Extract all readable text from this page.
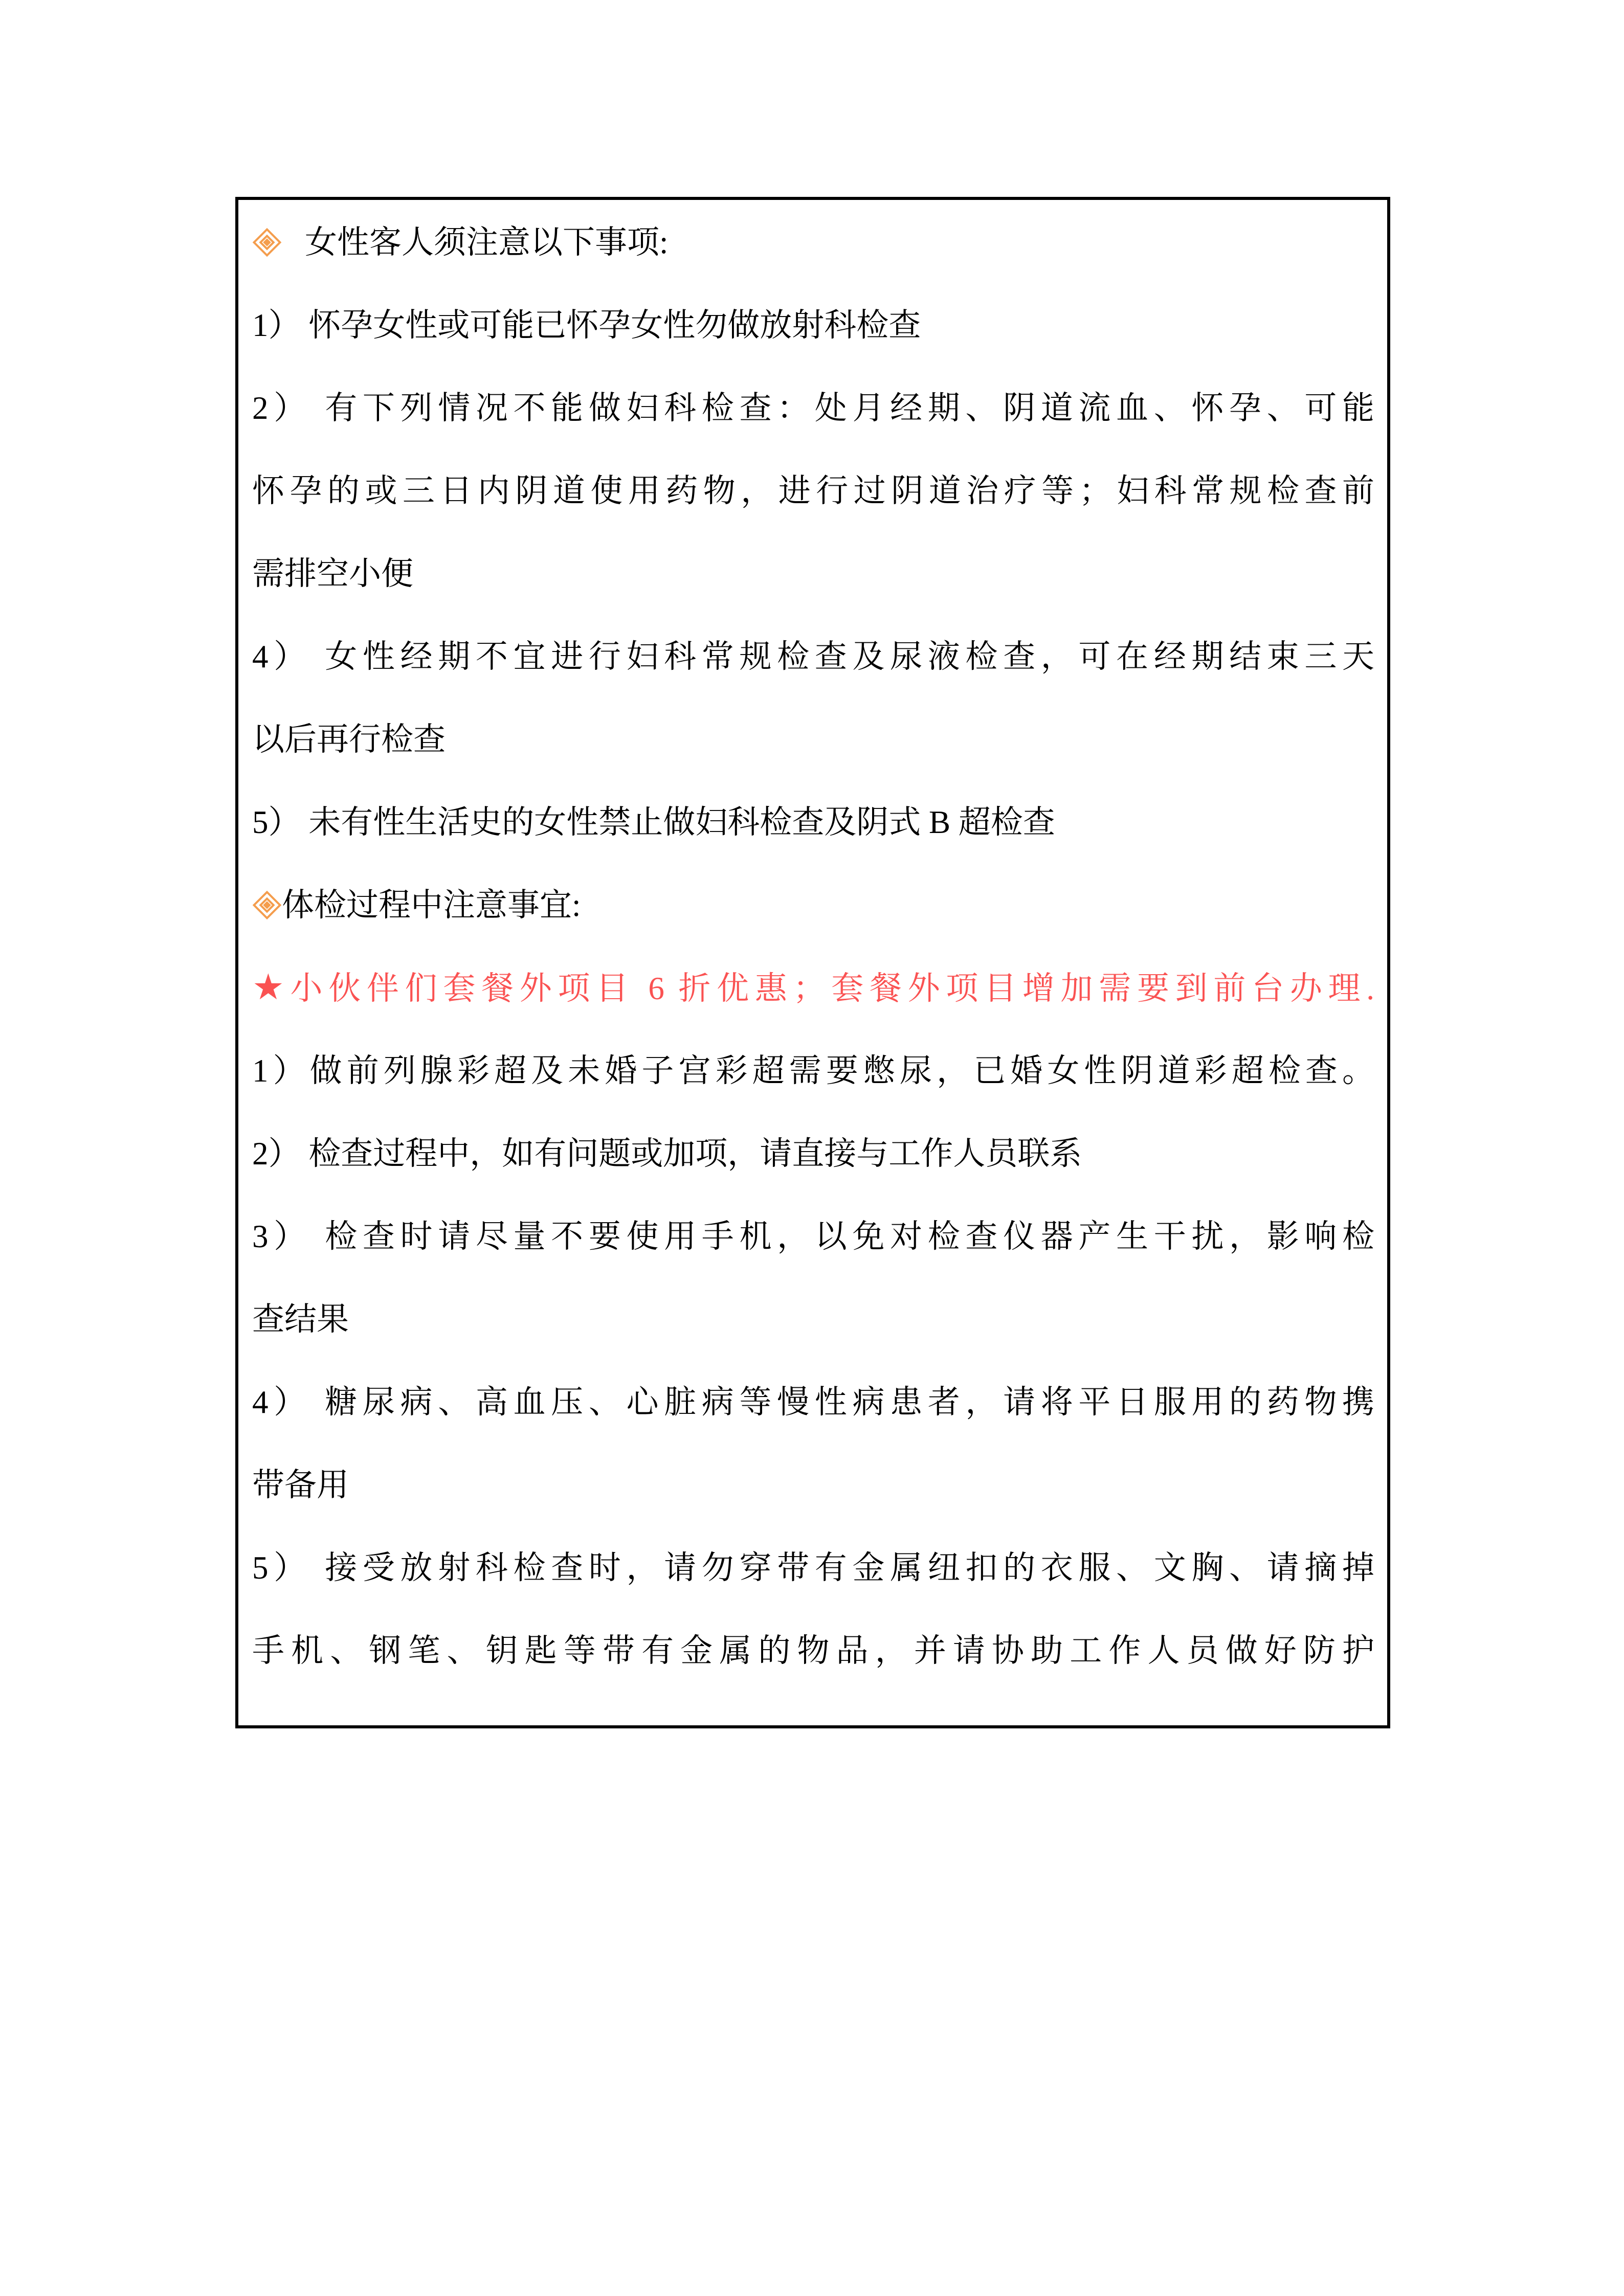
女性客人须注意以下事项:
1） 怀孕女性或可能已怀孕女性勿做放射科检查
2） 有下列情况不能做妇科检查：处月经期、阴道流血、怀孕、可能
怀孕的或三日内阴道使用药物，进行过阴道治疗等；妇科常规检查前
需排空小便
4） 女性经期不宜进行妇科常规检查及尿液检查，可在经期结束三天
以后再行检查
5） 未有性生活史的女性禁止做妇科检查及阴式 B 超检查
体检过程中注意事宜:
★小伙伴们套餐外项目 6 折优惠；套餐外项目增加需要到前台办理.
1）做前列腺彩超及未婚子宫彩超需要憋尿，已婚女性阴道彩超检查。
2） 检查过程中，如有问题或加项，请直接与工作人员联系
3） 检查时请尽量不要使用手机，以免对检查仪器产生干扰，影响检
查结果
4） 糖尿病、高血压、心脏病等慢性病患者，请将平日服用的药物携
带备用
5） 接受放射科检查时，请勿穿带有金属纽扣的衣服、文胸、请摘掉
手机、钢笔、钥匙等带有金属的物品，并请协助工作人员做好防护
